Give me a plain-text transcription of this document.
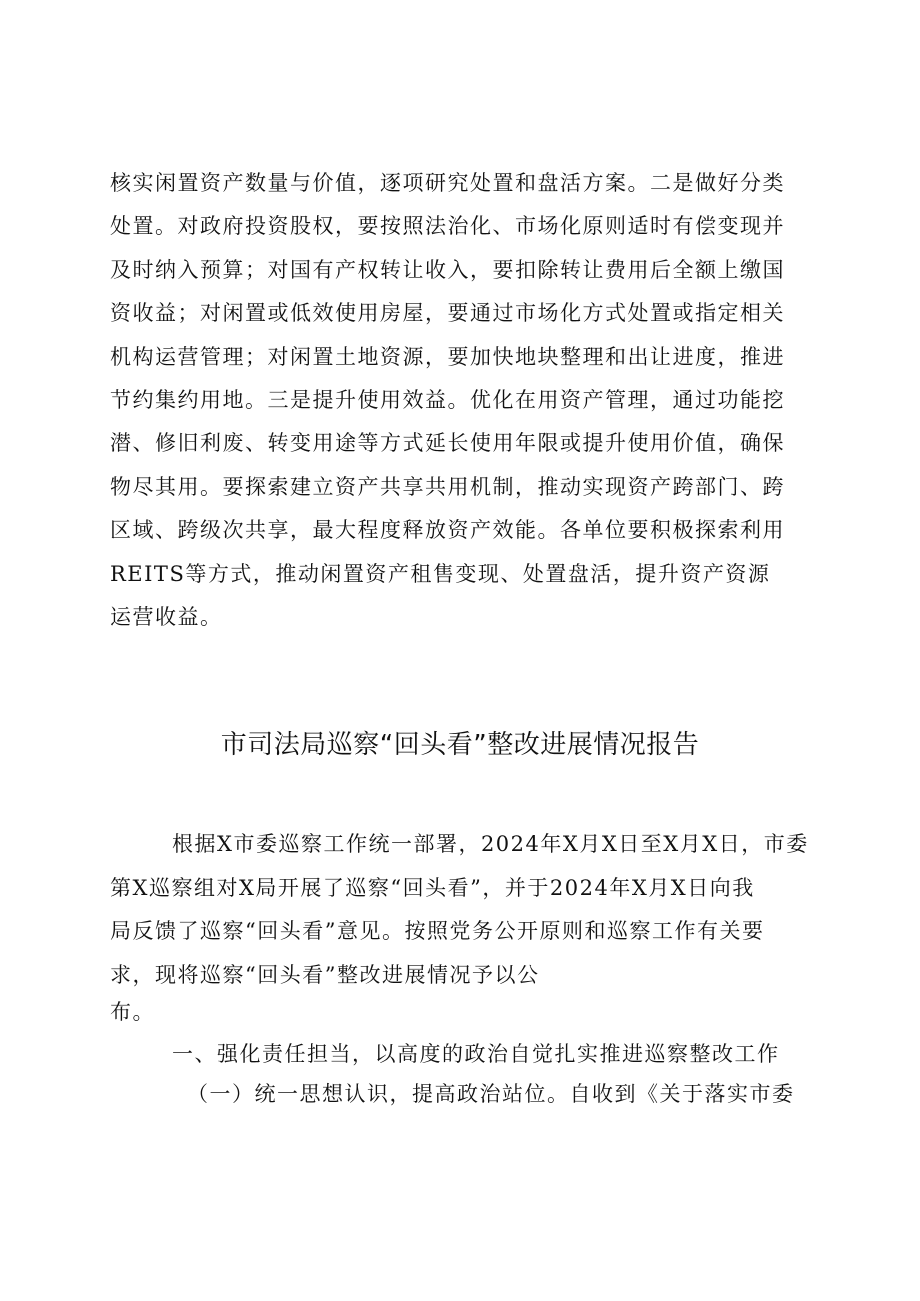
核实闲置资产数量与价值，逐项研究处置和盘活方案。二是做好分类
处置。对政府投资股权，要按照法治化、市场化原则适时有偿变现并
及时纳入预算；对国有产权转让收入，要扣除转让费用后全额上缴国
资收益；对闲置或低效使用房屋，要通过市场化方式处置或指定相关
机构运营管理；对闲置土地资源，要加快地块整理和出让进度，推进
节约集约用地。三是提升使用效益。优化在用资产管理，通过功能挖
潜、修旧利废、转变用途等方式延长使用年限或提升使用价值，确保
物尽其用。要探索建立资产共享共用机制，推动实现资产跨部门、跨
区域、跨级次共享，最大程度释放资产效能。各单位要积极探索利用
REITS等方式，推动闲置资产租售变现、处置盘活，提升资产资源
运营收益。
市司法局巡察“回头看”整改进展情况报告
根据X市委巡察工作统一部署，2024年X月X日至X月X日，市委
第X巡察组对X局开展了巡察“回头看”，并于2024年X月X日向我
局反馈了巡察“回头看”意见。按照党务公开原则和巡察工作有关要
求，现将巡察“回头看”整改进展情况予以公
布。
一、强化责任担当，以高度的政治自觉扎实推进巡察整改工作
（一）统一思想认识，提高政治站位。自收到《关于落实市委
